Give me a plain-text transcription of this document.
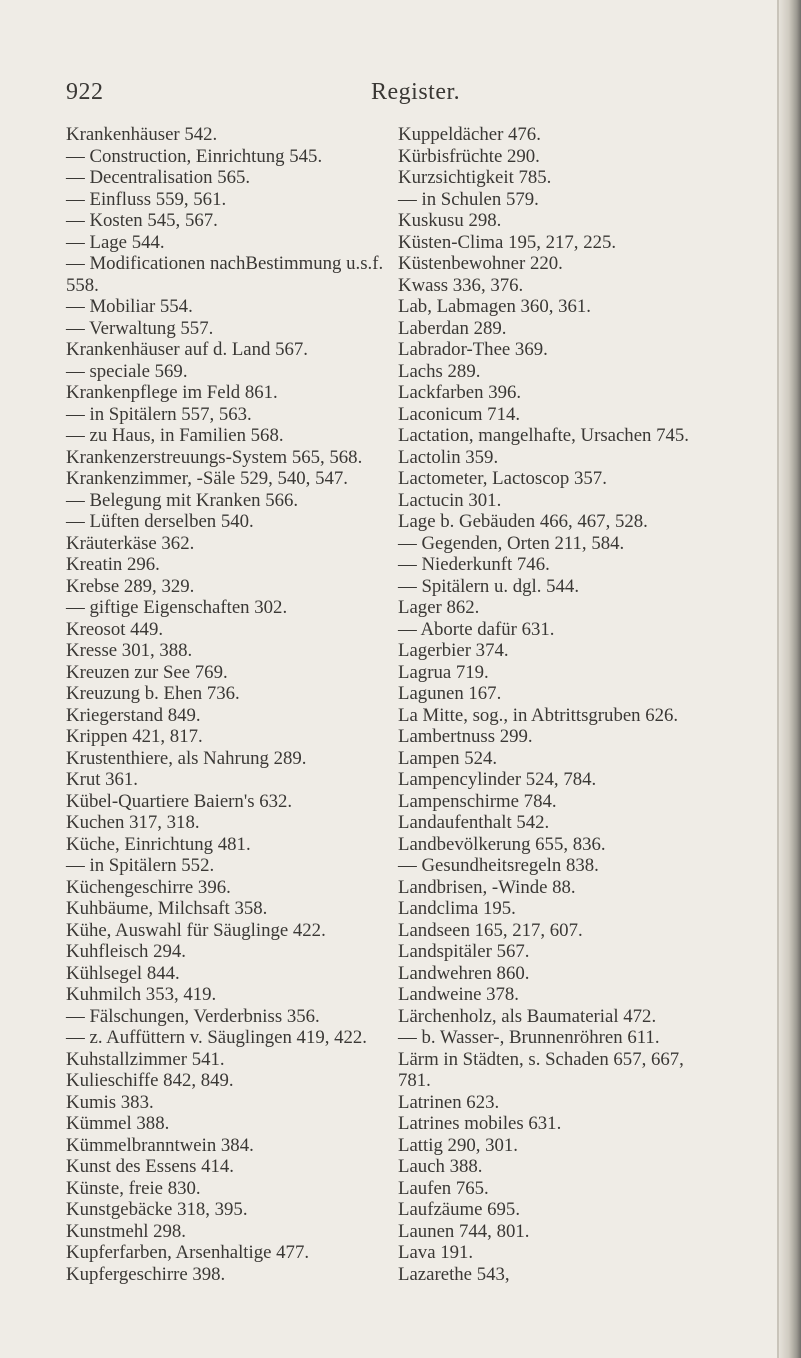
922	Register.
Krankenhäuser 542.
— Construction, Einrichtung 545.
— Decentralisation 565.
— Einfluss 559, 561.
— Kosten 545, 567.
— Lage 544.
— Modificationen nachBestimmung u.s.f.
558.
— Mobiliar 554.
— Verwaltung 557.
Krankenhäuser auf d. Land 567.
— speciale 569.
Krankenpflege im Feld 861.
— in Spitälern 557, 563.
— zu Haus, in Familien 568.
Krankenzerstreuungs-System 565, 568.
Krankenzimmer, -Säle 529, 540, 547.
— Belegung mit Kranken 566.
— Lüften derselben 540.
Kräuterkäse 362.
Kreatin 296.
Krebse 289, 329.
— giftige Eigenschaften 302.
Kreosot 449.
Kresse 301, 388.
Kreuzen zur See 769.
Kreuzung b. Ehen 736.
Kriegerstand 849.
Krippen 421, 817.
Krustenthiere, als Nahrung 289.
Krut 361.
Kübel-Quartiere Baiern's 632.
Kuchen 317, 318.
Küche, Einrichtung 481.
— in Spitälern 552.
Küchengeschirre 396.
Kuhbäume, Milchsaft 358.
Kühe, Auswahl für Säuglinge 422.
Kuhfleisch 294.
Kühlsegel 844.
Kuhmilch 353, 419.
— Fälschungen, Verderbniss 356.
— z. Auffüttern v. Säuglingen 419, 422.
Kuhstallzimmer 541.
Kulieschiffe 842, 849.
Kumis 383.
Kümmel 388.
Kümmelbranntwein 384.
Kunst des Essens 414.
Künste, freie 830.
Kunstgebäcke 318, 395.
Kunstmehl 298.
Kupferfarben, Arsenhaltige 477.
Kupfergeschirre 398.
Kuppeldächer 476.
Kürbisfrüchte 290.
Kurzsichtigkeit 785.
— in Schulen 579.
Kuskusu 298.
Küsten-Clima 195, 217, 225.
Küstenbewohner 220.
Kwass 336, 376.
Lab, Labmagen 360, 361.
Laberdan 289.
Labrador-Thee 369.
Lachs 289.
Lackfarben 396.
Laconicum 714.
Lactation, mangelhafte, Ursachen 745.
Lactolin 359.
Lactometer, Lactoscop 357.
Lactucin 301.
Lage b. Gebäuden 466, 467, 528.
— Gegenden, Orten 211, 584.
— Niederkunft 746.
— Spitälern u. dgl. 544.
Lager 862.
— Aborte dafür 631.
Lagerbier 374.
Lagrua 719.
Lagunen 167.
La Mitte, sog., in Abtrittsgruben 626.
Lambertnuss 299.
Lampen 524.
Lampencylinder 524, 784.
Lampenschirme 784.
Landaufenthalt 542.
Landbevölkerung 655, 836.
— Gesundheitsregeln 838.
Landbrisen, -Winde 88.
Landclima 195.
Landseen 165, 217, 607.
Landspitäler 567.
Landwehren 860.
Landweine 378.
Lärchenholz, als Baumaterial 472.
— b. Wasser-, Brunnenröhren 611.
Lärm in Städten, s. Schaden 657, 667,
781.
Latrinen 623.
Latrines mobiles 631.
Lattig 290, 301.
Lauch 388.
Laufen 765.
Laufzäume 695.
Launen 744, 801.
Lava 191.
Lazarethe 543,
